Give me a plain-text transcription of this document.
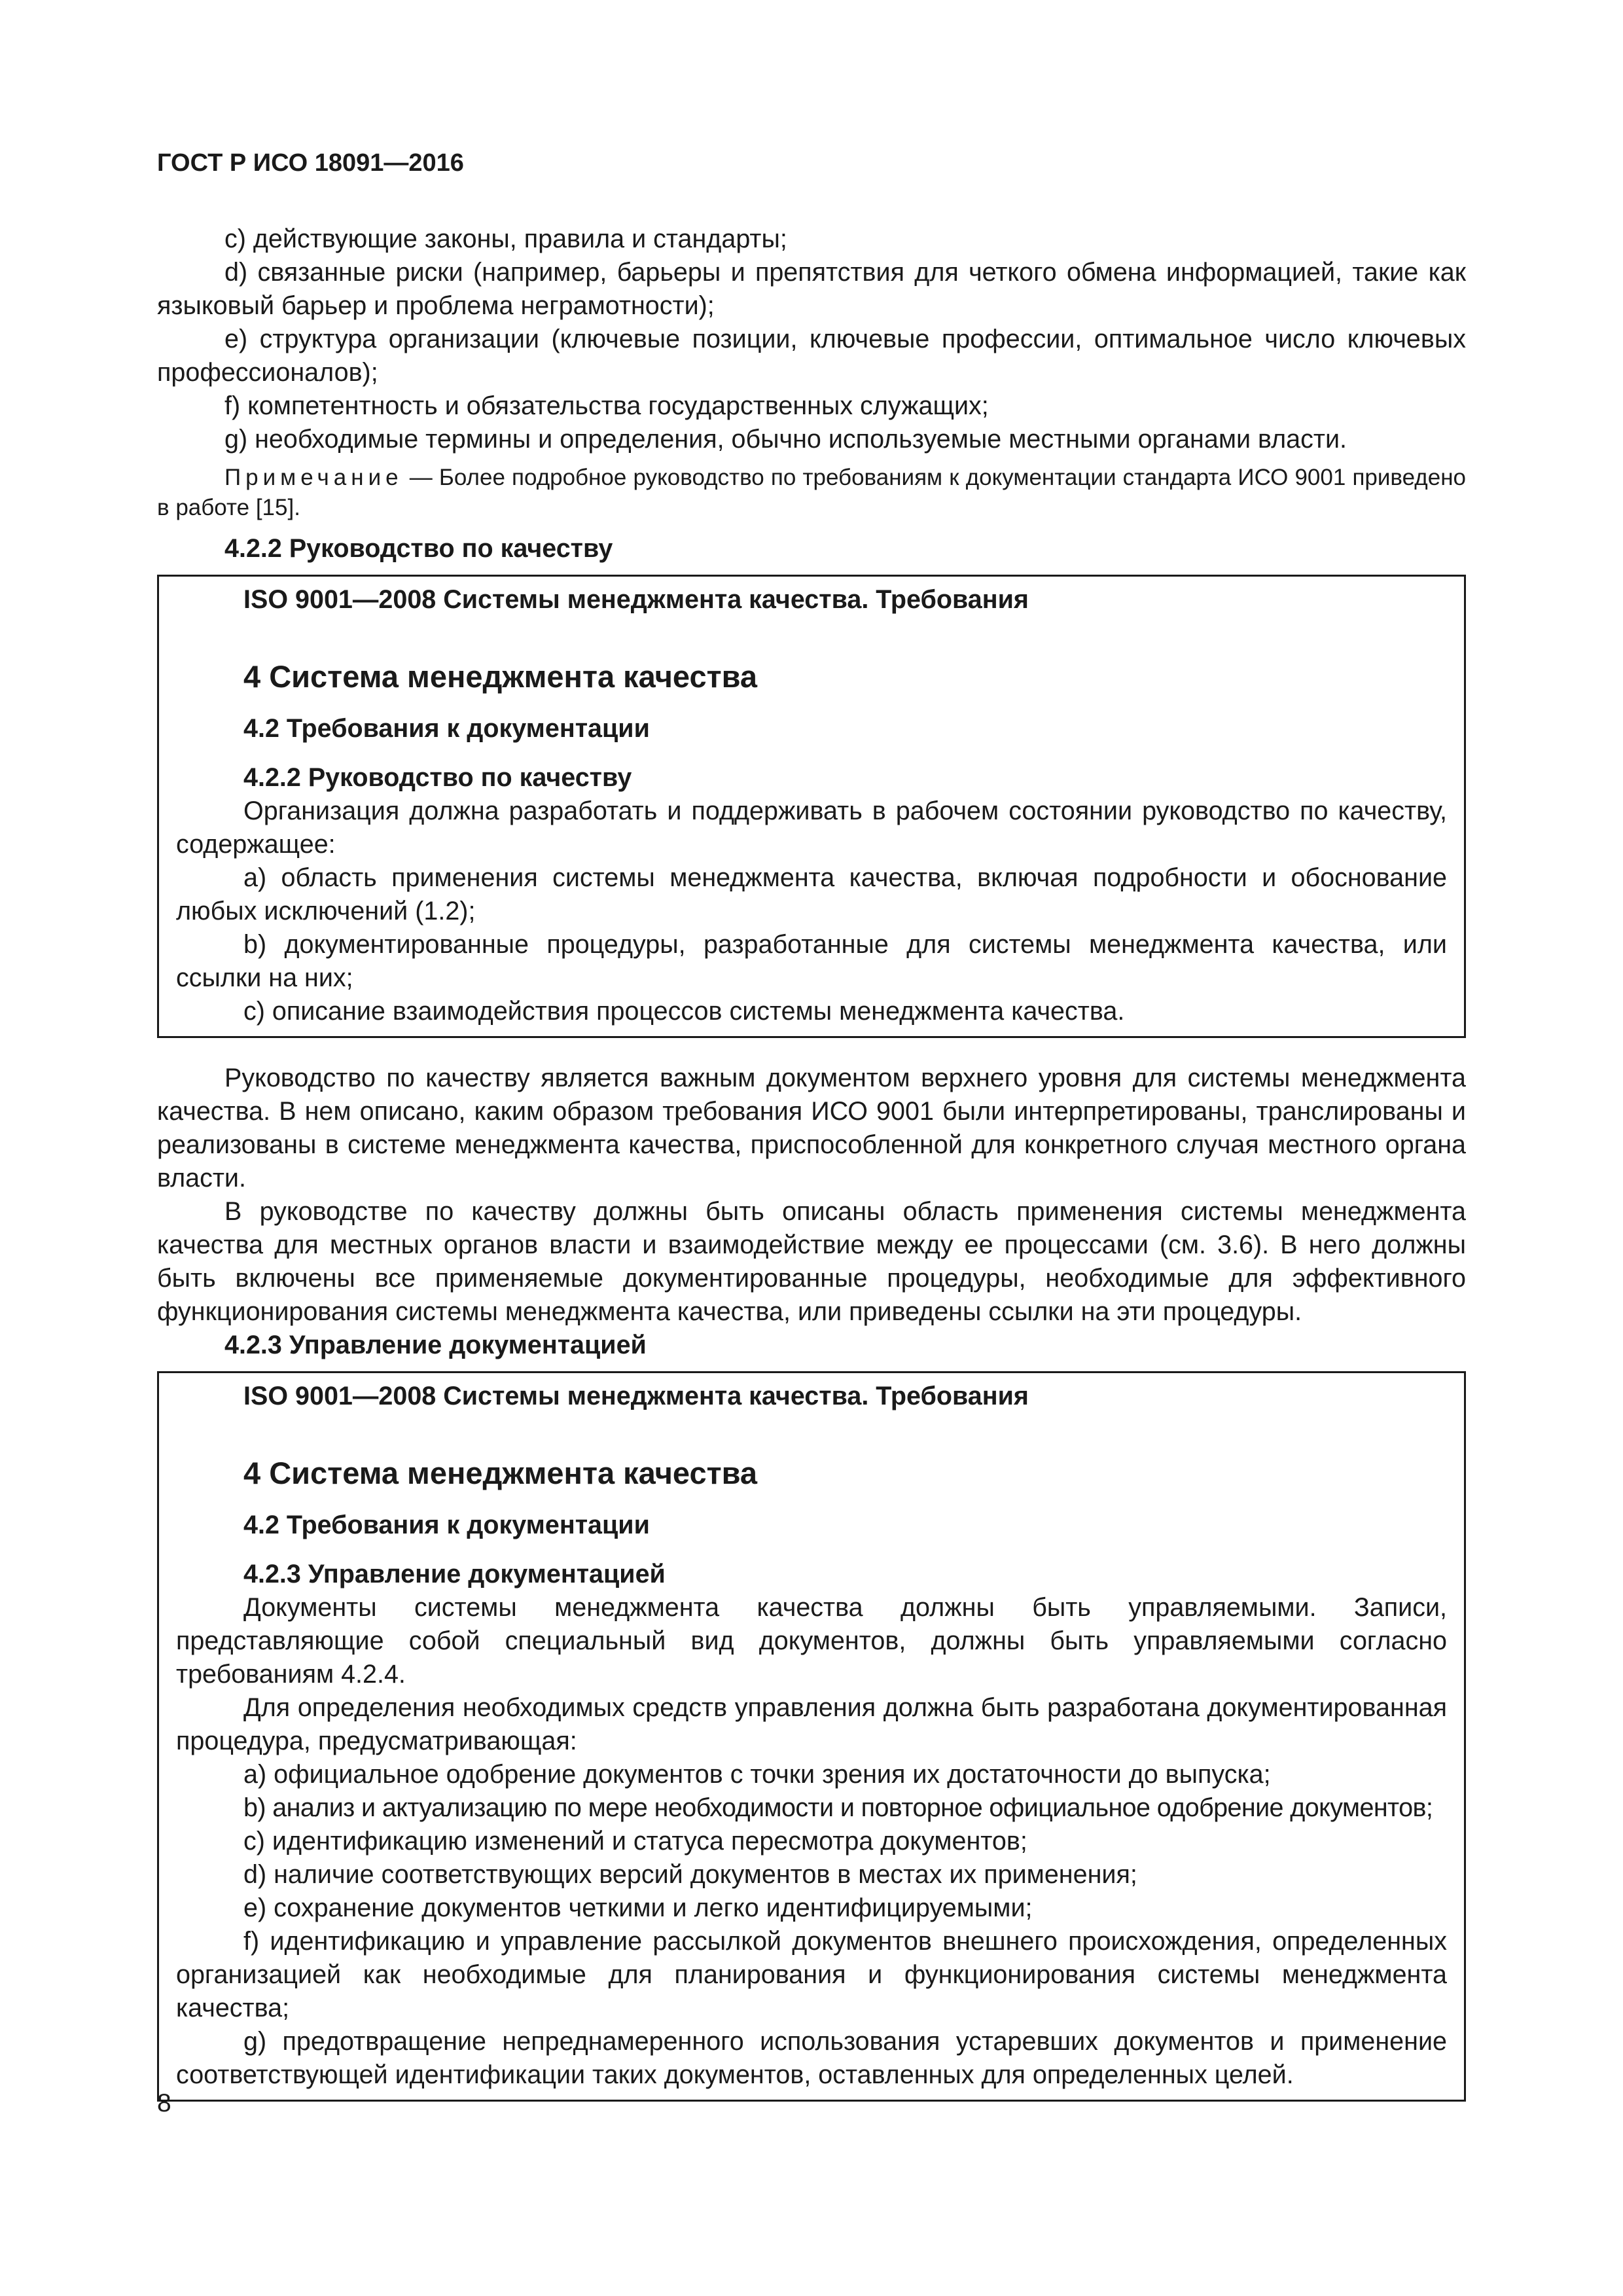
ГОСТ Р ИСО 18091—2016

с) действующие законы, правила и стандарты;

d) связанные риски (например, барьеры и препятствия для четкого обмена информацией, такие как языковый барьер и проблема неграмотности);

е) структура организации (ключевые позиции, ключевые профессии, оптимальное число ключевых профессионалов);

f) компетентность и обязательства государственных служащих;

g) необходимые термины и определения, обычно используемые местными органами власти.

Примечание — Более подробное руководство по требованиям к документации стандарта ИСО 9001 приведено в работе [15].

4.2.2 Руководство по качеству

ISO 9001—2008 Системы менеджмента качества. Требования

4 Система менеджмента качества

4.2 Требования к документации

4.2.2 Руководство по качеству

Организация должна разработать и поддерживать в рабочем состоянии руководство по качеству, содержащее:

а) область применения системы менеджмента качества, включая подробности и обоснование любых исключений (1.2);

b) документированные процедуры, разработанные для системы менеджмента качества, или ссылки на них;

с) описание взаимодействия процессов системы менеджмента качества.

Руководство по качеству является важным документом верхнего уровня для системы менеджмента качества. В нем описано, каким образом требования ИСО 9001 были интерпретированы, транслированы и реализованы в системе менеджмента качества, приспособленной для конкретного случая местного органа власти.

В руководстве по качеству должны быть описаны область применения системы менеджмента качества для местных органов власти и взаимодействие между ее процессами (см. 3.6). В него должны быть включены все применяемые документированные процедуры, необходимые для эффективного функционирования системы менеджмента качества, или приведены ссылки на эти процедуры.

4.2.3 Управление документацией

ISO 9001—2008 Системы менеджмента качества. Требования

4 Система менеджмента качества

4.2 Требования к документации

4.2.3 Управление документацией

Документы системы менеджмента качества должны быть управляемыми. Записи, представляющие собой специальный вид документов, должны быть управляемыми согласно требованиям 4.2.4.

Для определения необходимых средств управления должна быть разработана документированная процедура, предусматривающая:

a) официальное одобрение документов с точки зрения их достаточности до выпуска;

b) анализ и актуализацию по мере необходимости и повторное официальное одобрение документов;

c) идентификацию изменений и статуса пересмотра документов;

d) наличие соответствующих версий документов в местах их применения;

e) сохранение документов четкими и легко идентифицируемыми;

f) идентификацию и управление рассылкой документов внешнего происхождения, определенных организацией как необходимые для планирования и функционирования системы менеджмента качества;

g) предотвращение непреднамеренного использования устаревших документов и применение соответствующей идентификации таких документов, оставленных для определенных целей.

8
